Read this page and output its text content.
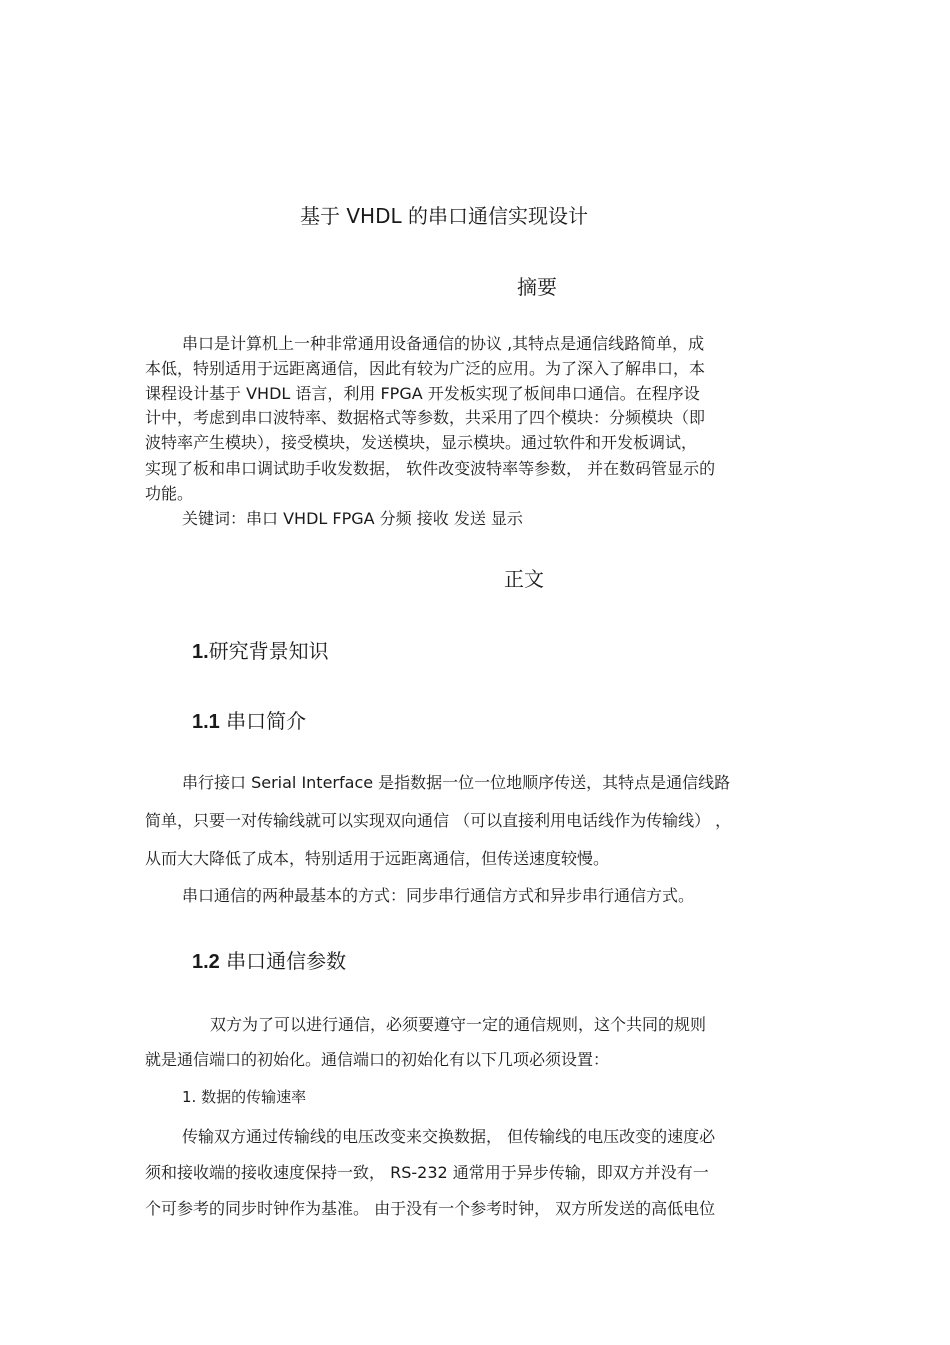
基于 VHDL 的串口通信实现设计
摘要
串口是计算机上一种非常通用设备通信的协议 ,其特点是通信线路简单，成
本低，特别适用于远距离通信，因此有较为广泛的应用。为了深入了解串口，本
课程设计基于 VHDL 语言，利用 FPGA 开发板实现了板间串口通信。在程序设
计中，考虑到串口波特率、数据格式等参数，共采用了四个模块：分频模块（即
波特率产生模块），接受模块，发送模块，显示模块。通过软件和开发板调试，
实现了板和串口调试助手收发数据， 软件改变波特率等参数， 并在数码管显示的
功能。
关键词：串口 VHDL FPGA 分频 接收 发送 显示
正文
1.研究背景知识
1.1 串口简介
串行接口 Serial Interface 是指数据一位一位地顺序传送，其特点是通信线路
简单，只要一对传输线就可以实现双向通信 （可以直接利用电话线作为传输线） ，
从而大大降低了成本，特别适用于远距离通信，但传送速度较慢。
串口通信的两种最基本的方式：同步串行通信方式和异步串行通信方式。
1.2 串口通信参数
双方为了可以进行通信，必须要遵守一定的通信规则，这个共同的规则
就是通信端口的初始化。通信端口的初始化有以下几项必须设置：
1. 数据的传输速率
传输双方通过传输线的电压改变来交换数据， 但传输线的电压改变的速度必
须和接收端的接收速度保持一致， RS-232 通常用于异步传输，即双方并没有一
个可参考的同步时钟作为基准。 由于没有一个参考时钟， 双方所发送的高低电位
